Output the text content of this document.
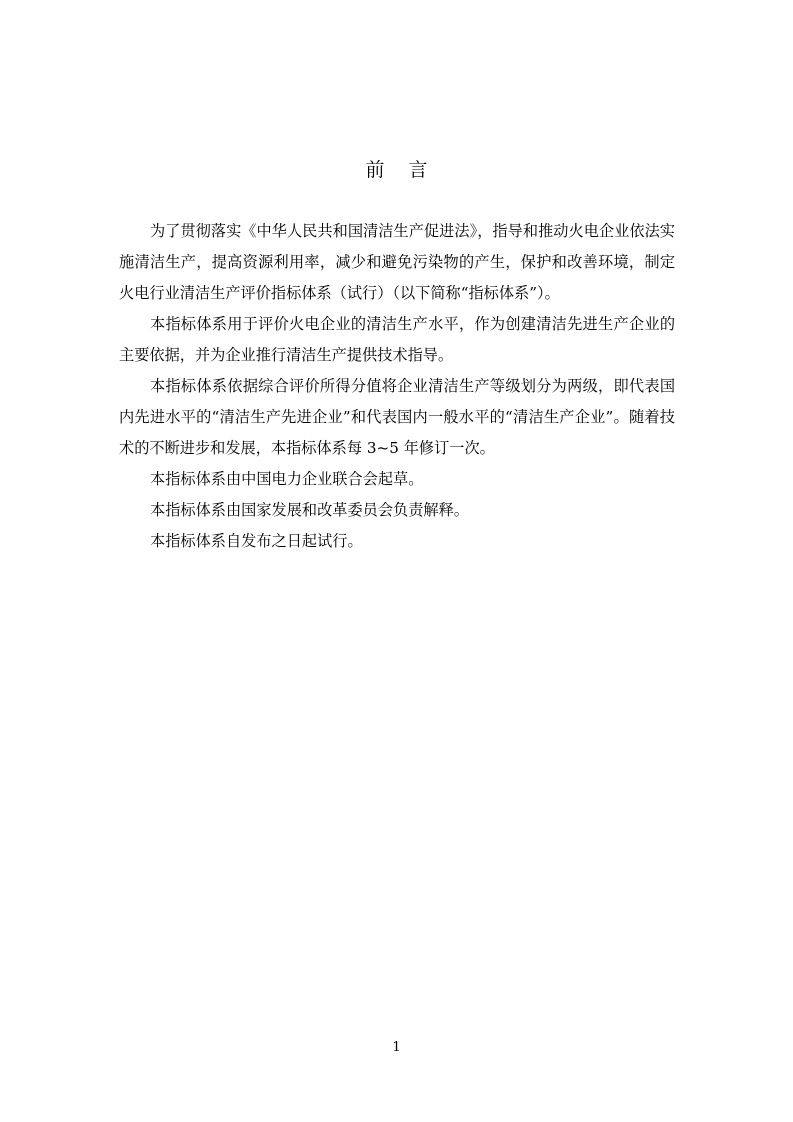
前言

为了贯彻落实《中华人民共和国清洁生产促进法》，指导和推动火电企业依法实施清洁生产，提高资源利用率，减少和避免污染物的产生，保护和改善环境，制定火电行业清洁生产评价指标体系（试行）（以下简称“指标体系”）。

本指标体系用于评价火电企业的清洁生产水平，作为创建清洁先进生产企业的主要依据，并为企业推行清洁生产提供技术指导。

本指标体系依据综合评价所得分值将企业清洁生产等级划分为两级，即代表国内先进水平的“清洁生产先进企业”和代表国内一般水平的“清洁生产企业”。随着技术的不断进步和发展，本指标体系每 3~5 年修订一次。

本指标体系由中国电力企业联合会起草。

本指标体系由国家发展和改革委员会负责解释。

本指标体系自发布之日起试行。

1
